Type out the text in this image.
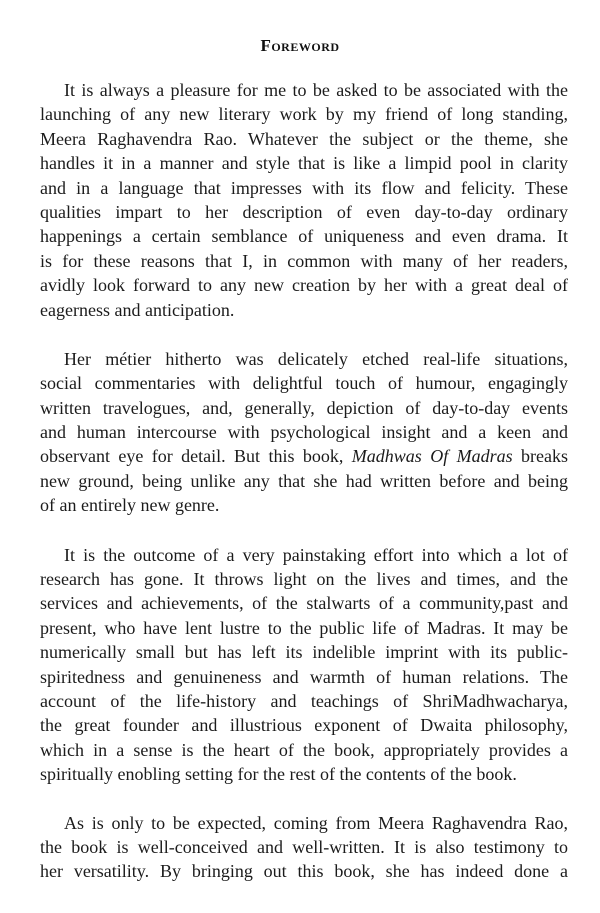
Foreword
It is always a pleasure for me to be asked to be associated with the
launching of any new literary work by my friend of long standing,
Meera Raghavendra Rao. Whatever the subject or the theme, she
handles it in a manner and style that is like a limpid pool in clarity
and in a language that impresses with its flow and felicity. These
qualities impart to her description of even day-to-day ordinary
happenings a certain semblance of uniqueness and even drama. It
is for these reasons that I, in common with many of her readers,
avidly look forward to any new creation by her with a great deal of
eagerness and anticipation.
Her métier hitherto was delicately etched real-life situations,
social commentaries with delightful touch of humour, engagingly
written travelogues, and, generally, depiction of day-to-day events
and human intercourse with psychological insight and a keen and
observant eye for detail. But this book, Madhwas Of Madras breaks
new ground, being unlike any that she had written before and being
of an entirely new genre.
It is the outcome of a very painstaking effort into which a lot of
research has gone. It throws light on the lives and times, and the
services and achievements, of the stalwarts of a community,past and
present, who have lent lustre to the public life of Madras. It may be
numerically small but has left its indelible imprint with its public-
spiritedness and genuineness and warmth of human relations. The
account of the life-history and teachings of ShriMadhwacharya,
the great founder and illustrious exponent of Dwaita philosophy,
which in a sense is the heart of the book, appropriately provides a
spiritually enobling setting for the rest of the contents of the book.
As is only to be expected, coming from Meera Raghavendra Rao,
the book is well-conceived and well-written. It is also testimony to
her versatility. By bringing out this book, she has indeed done a
